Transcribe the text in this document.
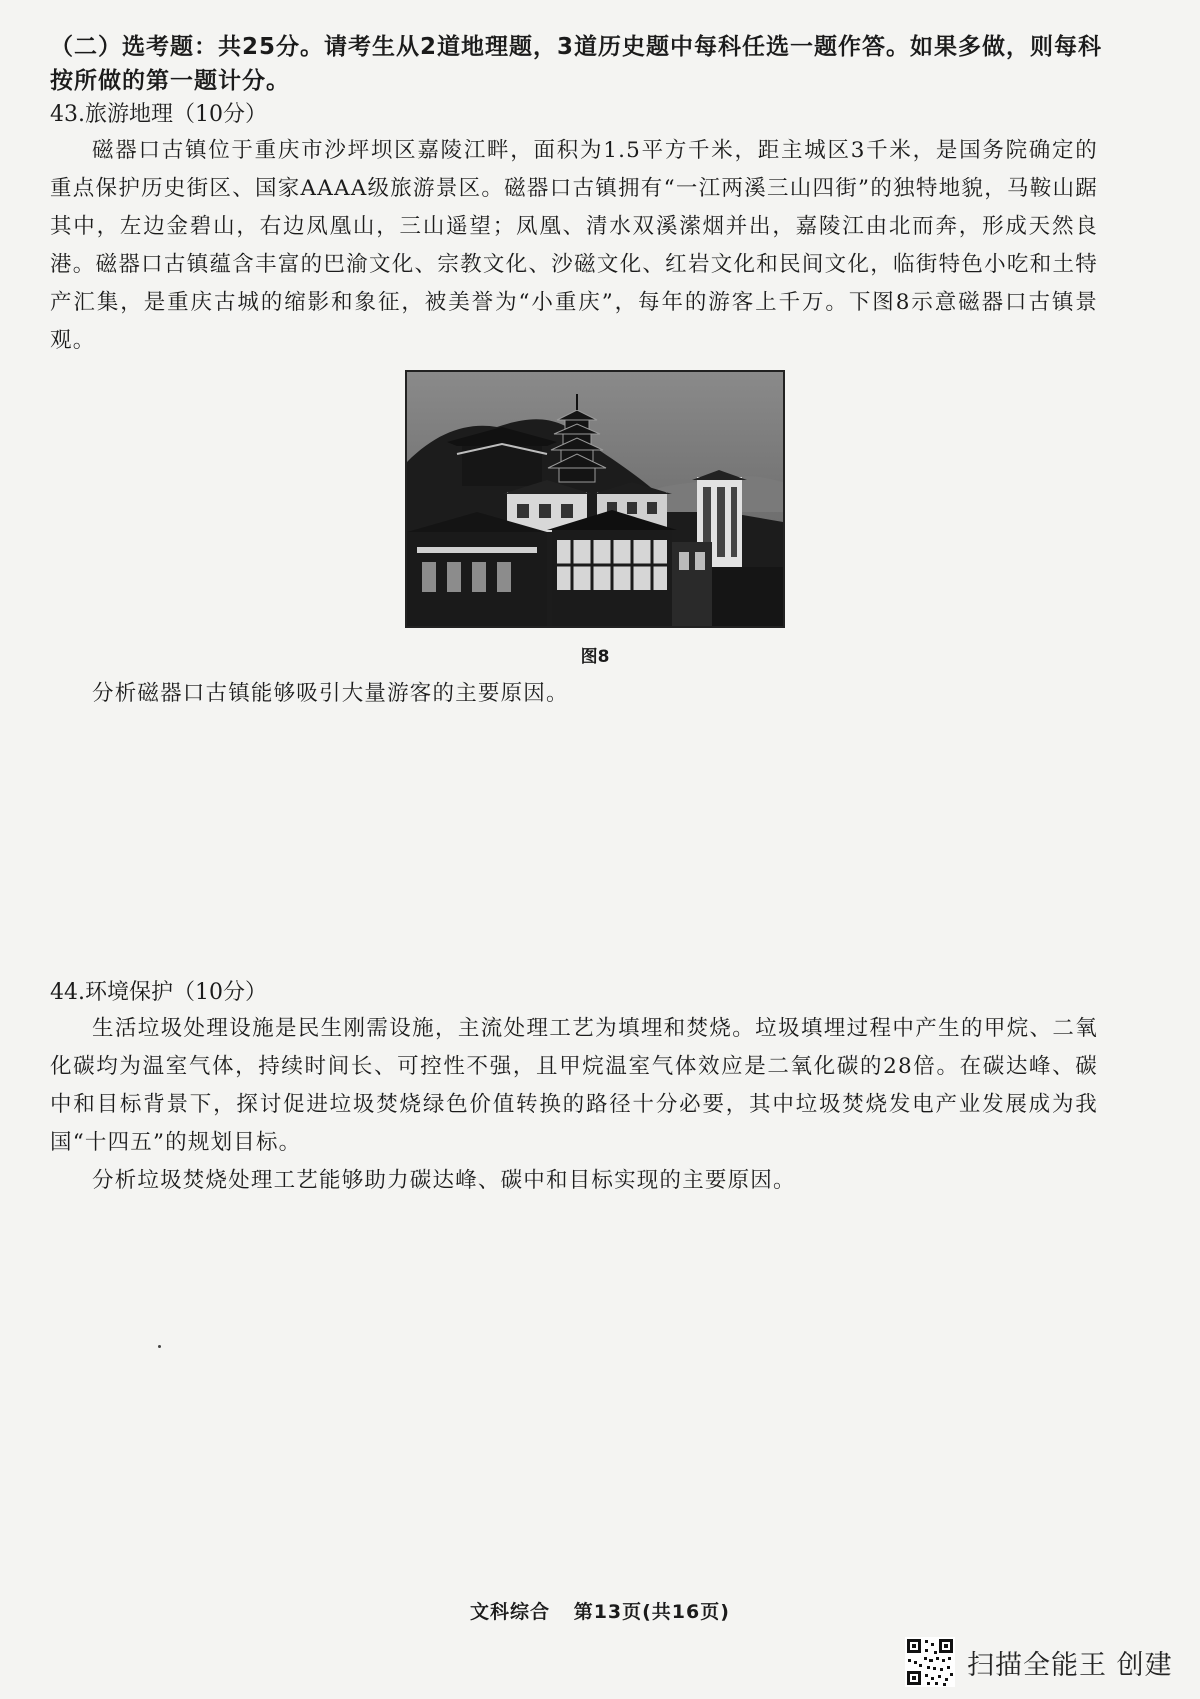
（二）选考题：共25分。请考生从2道地理题，3道历史题中每科任选一题作答。如果多做，则每科按所做的第一题计分。
43.旅游地理（10分）
磁器口古镇位于重庆市沙坪坝区嘉陵江畔，面积为1.5平方千米，距主城区3千米，是国务院确定的重点保护历史街区、国家AAAA级旅游景区。磁器口古镇拥有“一江两溪三山四街”的独特地貌，马鞍山踞其中，左边金碧山，右边凤凰山，三山遥望；凤凰、清水双溪潆烟并出，嘉陵江由北而奔，形成天然良港。磁器口古镇蕴含丰富的巴渝文化、宗教文化、沙磁文化、红岩文化和民间文化，临街特色小吃和土特产汇集，是重庆古城的缩影和象征，被美誉为“小重庆”，每年的游客上千万。下图8示意磁器口古镇景观。
图8
分析磁器口古镇能够吸引大量游客的主要原因。
44.环境保护（10分）
生活垃圾处理设施是民生刚需设施，主流处理工艺为填埋和焚烧。垃圾填埋过程中产生的甲烷、二氧化碳均为温室气体，持续时间长、可控性不强，且甲烷温室气体效应是二氧化碳的28倍。在碳达峰、碳中和目标背景下，探讨促进垃圾焚烧绿色价值转换的路径十分必要，其中垃圾焚烧发电产业发展成为我国“十四五”的规划目标。
分析垃圾焚烧处理工艺能够助力碳达峰、碳中和目标实现的主要原因。
文科综合 第13页(共16页)
扫描全能王 创建
